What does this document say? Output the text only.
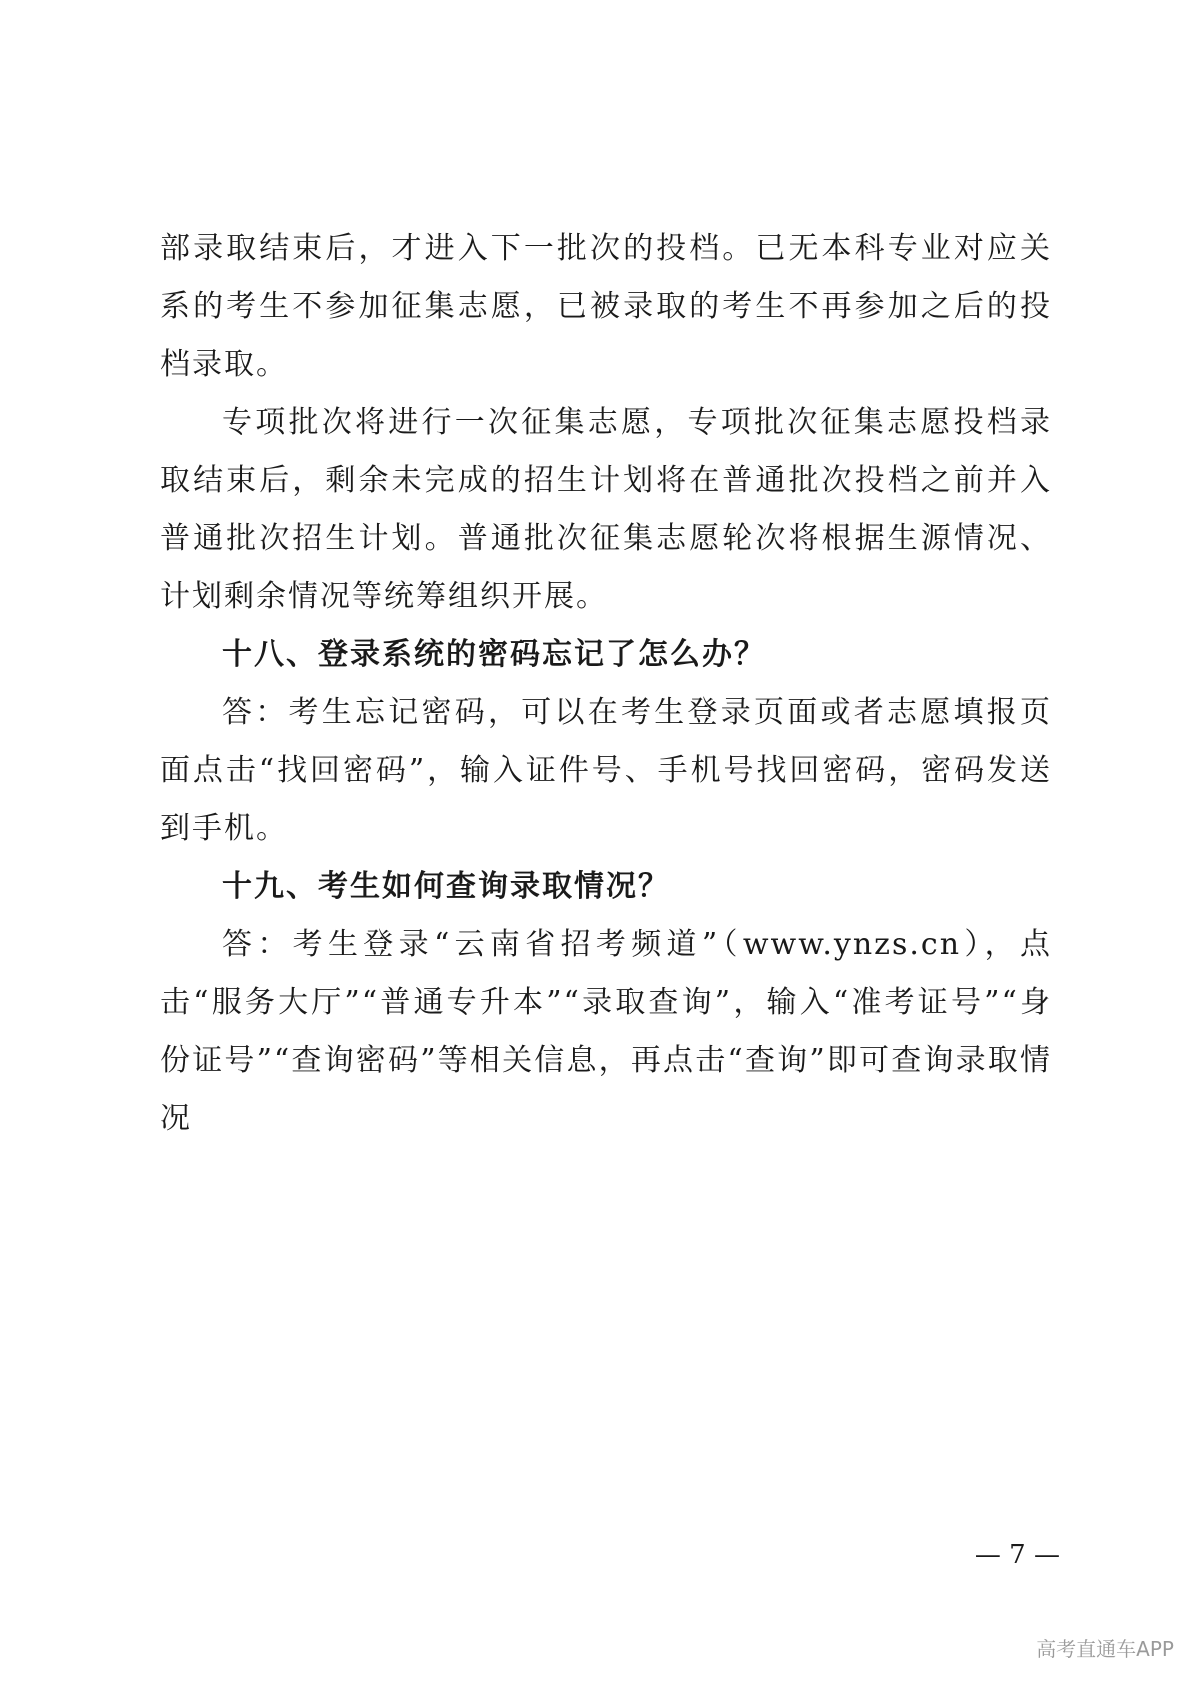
部录取结束后，才进入下一批次的投档。已无本科专业对应关系的考生不参加征集志愿，已被录取的考生不再参加之后的投档录取。

专项批次将进行一次征集志愿，专项批次征集志愿投档录取结束后，剩余未完成的招生计划将在普通批次投档之前并入普通批次招生计划。普通批次征集志愿轮次将根据生源情况、计划剩余情况等统筹组织开展。

十八、登录系统的密码忘记了怎么办？

答：考生忘记密码，可以在考生登录页面或者志愿填报页面点击“找回密码”，输入证件号、手机号找回密码，密码发送到手机。

十九、考生如何查询录取情况？

答：考生登录“云南省招考频道”（www.ynzs.cn），点击“服务大厅”“普通专升本”“录取查询”，输入“准考证号”“身份证号”“查询密码”等相关信息，再点击“查询”即可查询录取情况

— 7 —
高考直通车APP
